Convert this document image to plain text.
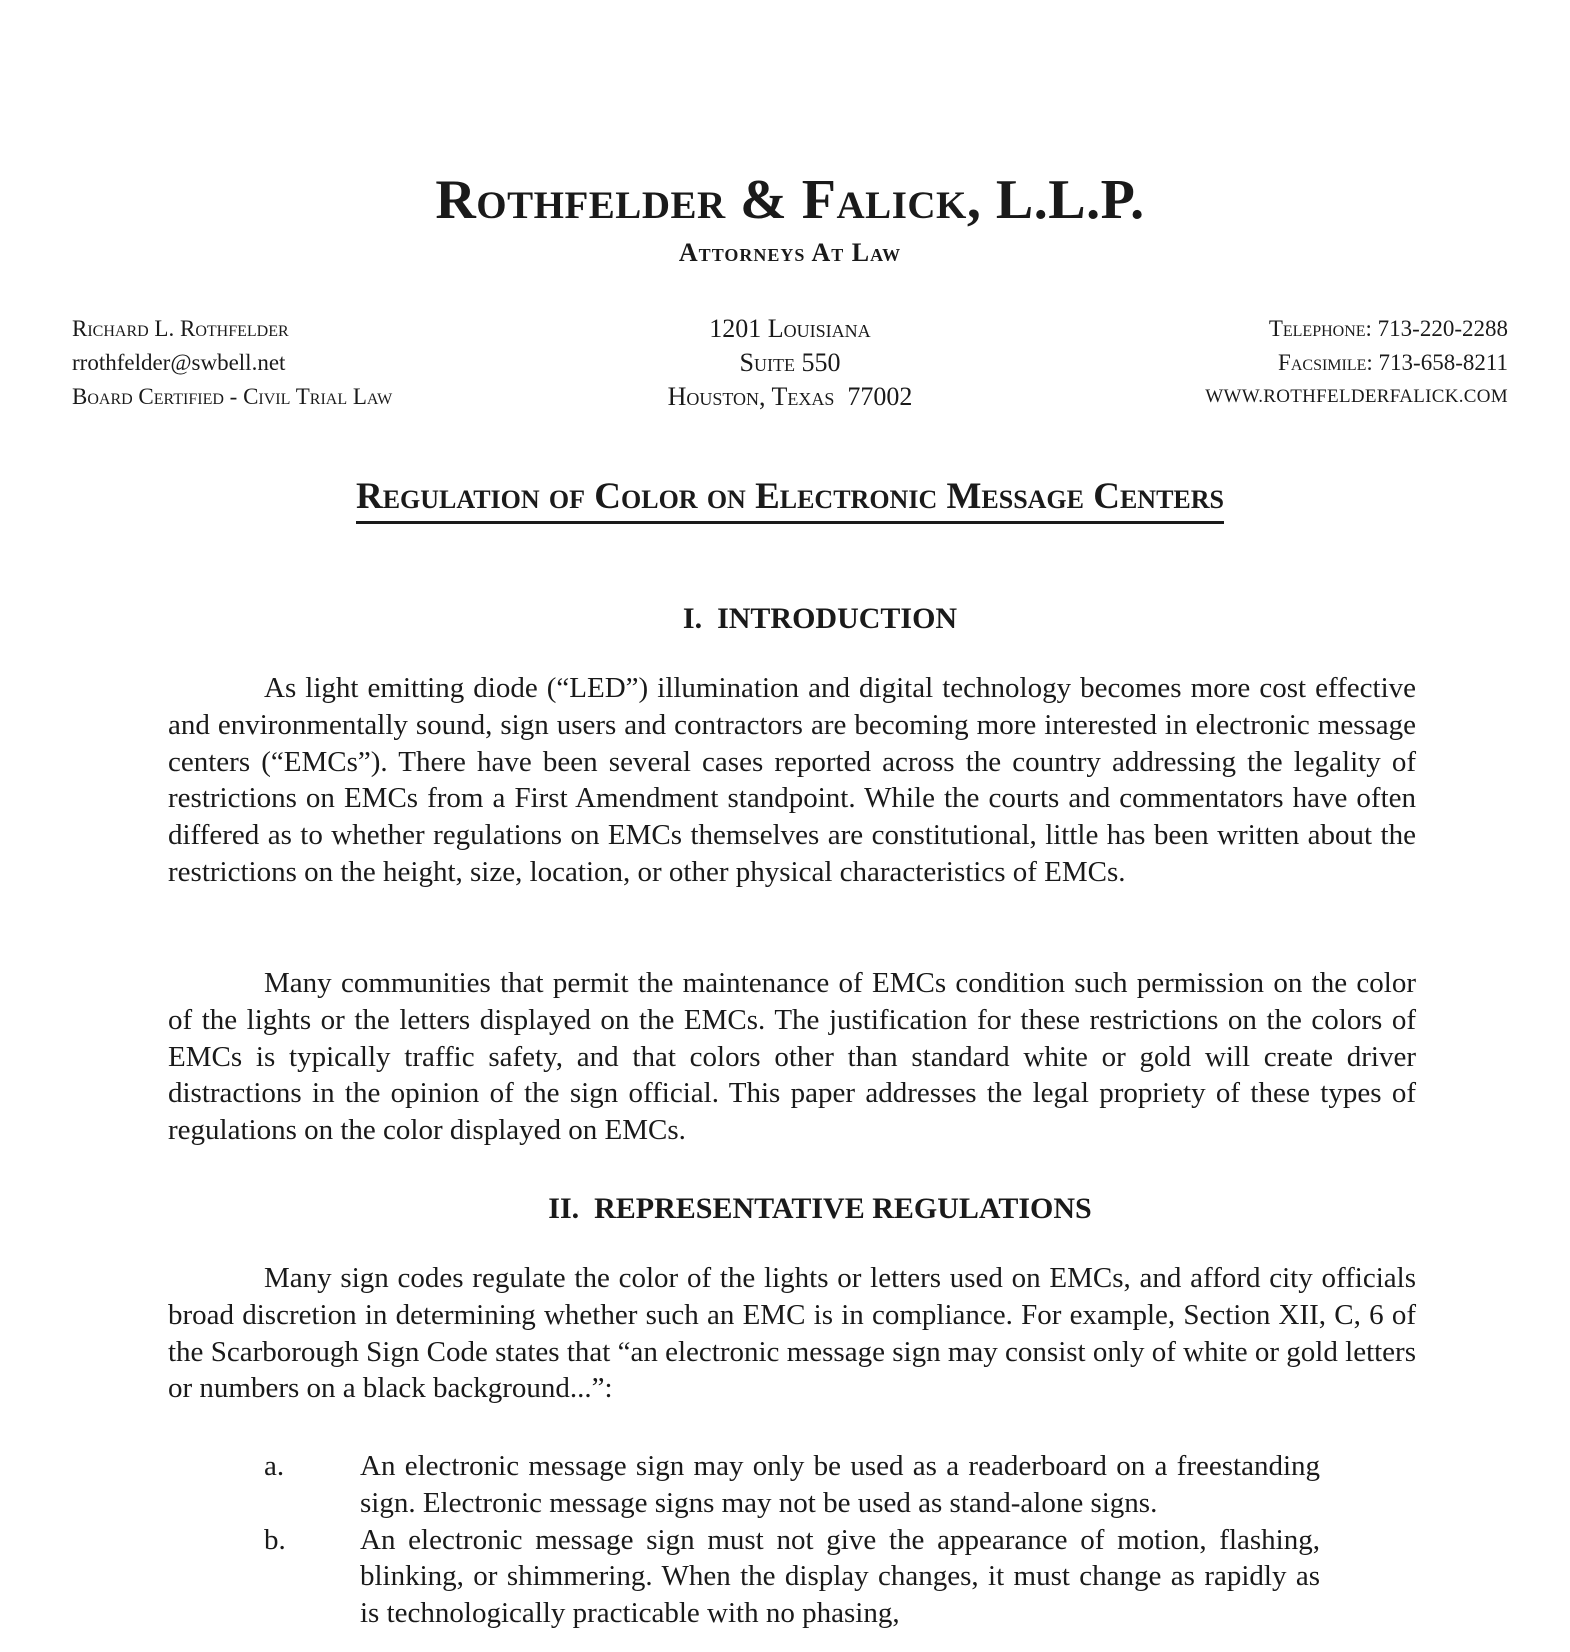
Rothfelder & Falick, L.L.P.
Attorneys At Law
Richard L. Rothfelder
rrothfelder@swbell.net
Board Certified - Civil Trial Law
1201 Louisiana
Suite 550
Houston, Texas  77002
Telephone: 713-220-2288
Facsimile: 713-658-8211
WWW.ROTHFELDERFALICK.COM
Regulation of Color on Electronic Message Centers
I.  INTRODUCTION

As light emitting diode (“LED”) illumination and digital technology becomes more cost effective and environmentally sound, sign users and contractors are becoming more interested in electronic message centers (“EMCs”). There have been several cases reported across the country addressing the legality of restrictions on EMCs from a First Amendment standpoint. While the courts and commentators have often differed as to whether regulations on EMCs themselves are constitutional, little has been written about the restrictions on the height, size, location, or other physical characteristics of EMCs.

Many communities that permit the maintenance of EMCs condition such permission on the color of the lights or the letters displayed on the EMCs. The justification for these restrictions on the colors of EMCs is typically traffic safety, and that colors other than standard white or gold will create driver distractions in the opinion of the sign official. This paper addresses the legal propriety of these types of regulations on the color displayed on EMCs.

II.  REPRESENTATIVE REGULATIONS

Many sign codes regulate the color of the lights or letters used on EMCs, and afford city officials broad discretion in determining whether such an EMC is in compliance. For example, Section XII, C, 6 of the Scarborough Sign Code states that “an electronic message sign may consist only of white or gold letters or numbers on a black background...”:

a.	An electronic message sign may only be used as a readerboard on a freestanding sign. Electronic message signs may not be used as stand-alone signs.
b.	An electronic message sign must not give the appearance of motion, flashing, blinking, or shimmering. When the display changes, it must change as rapidly as is technologically practicable with no phasing,
